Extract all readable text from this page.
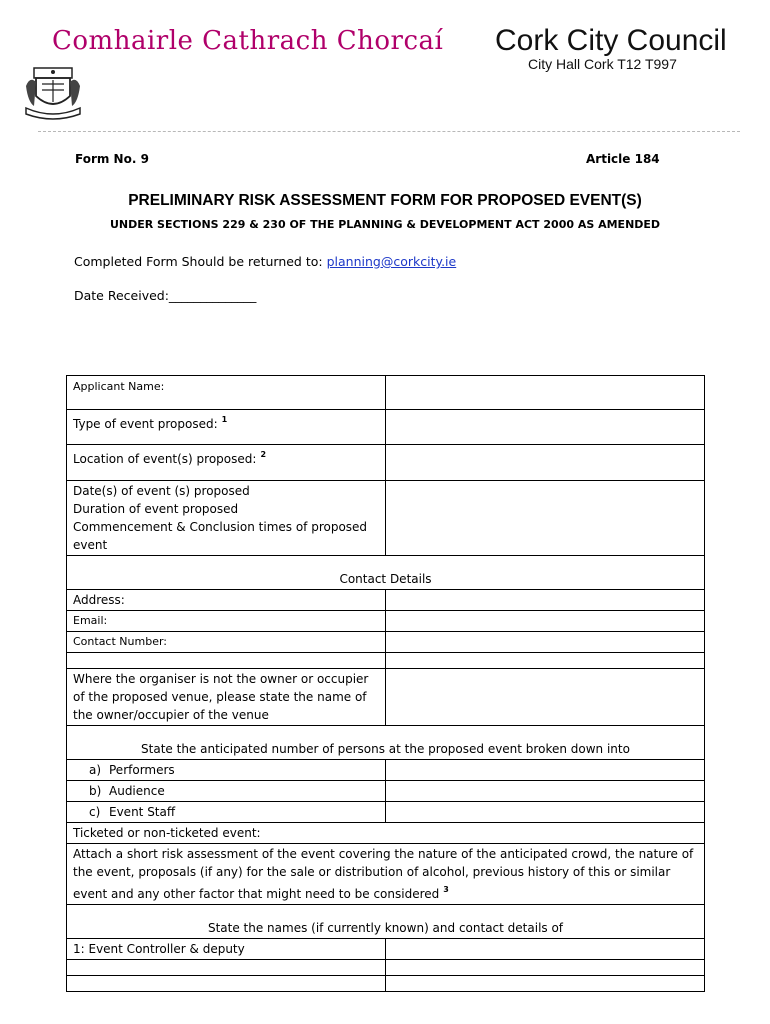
Comhairle Cathrach Chorcaí Cork City Council
City Hall Cork T12 T997
Form No. 9	Article 184
PRELIMINARY RISK ASSESSMENT FORM FOR PROPOSED EVENT(S)
UNDER SECTIONS 229 & 230 OF THE PLANNING & DEVELOPMENT ACT 2000 AS AMENDED
Completed Form Should be returned to: planning@corkcity.ie
Date Received:______________
Applicant Name:	
Type of event proposed: $^1$	
Location of event(s) proposed: $^2$	

Date(s) of event (s) proposed
Duration of event proposed
Commencement & Conclusion times of proposed event	

Contact Details	
Address:	
Email:	
Contact Number:	

Where the organiser is not the owner or occupier of the proposed venue, please state the name of the owner/occupier of the venue	
State the anticipated number of persons at the proposed event broken down into	

a) Performers	

b) Audience	

c) Event Staff	

Ticketed or non-ticketed event:	
Attach a short risk assessment of the event covering the nature of the anticipated crowd, the nature of the event, proposals (if any) for the sale or distribution of alcohol, previous history of this or similar event and any other factor that might need to be considered $^3$
State the names (if currently known) and contact details of	
1: Event Controller & deputy	
